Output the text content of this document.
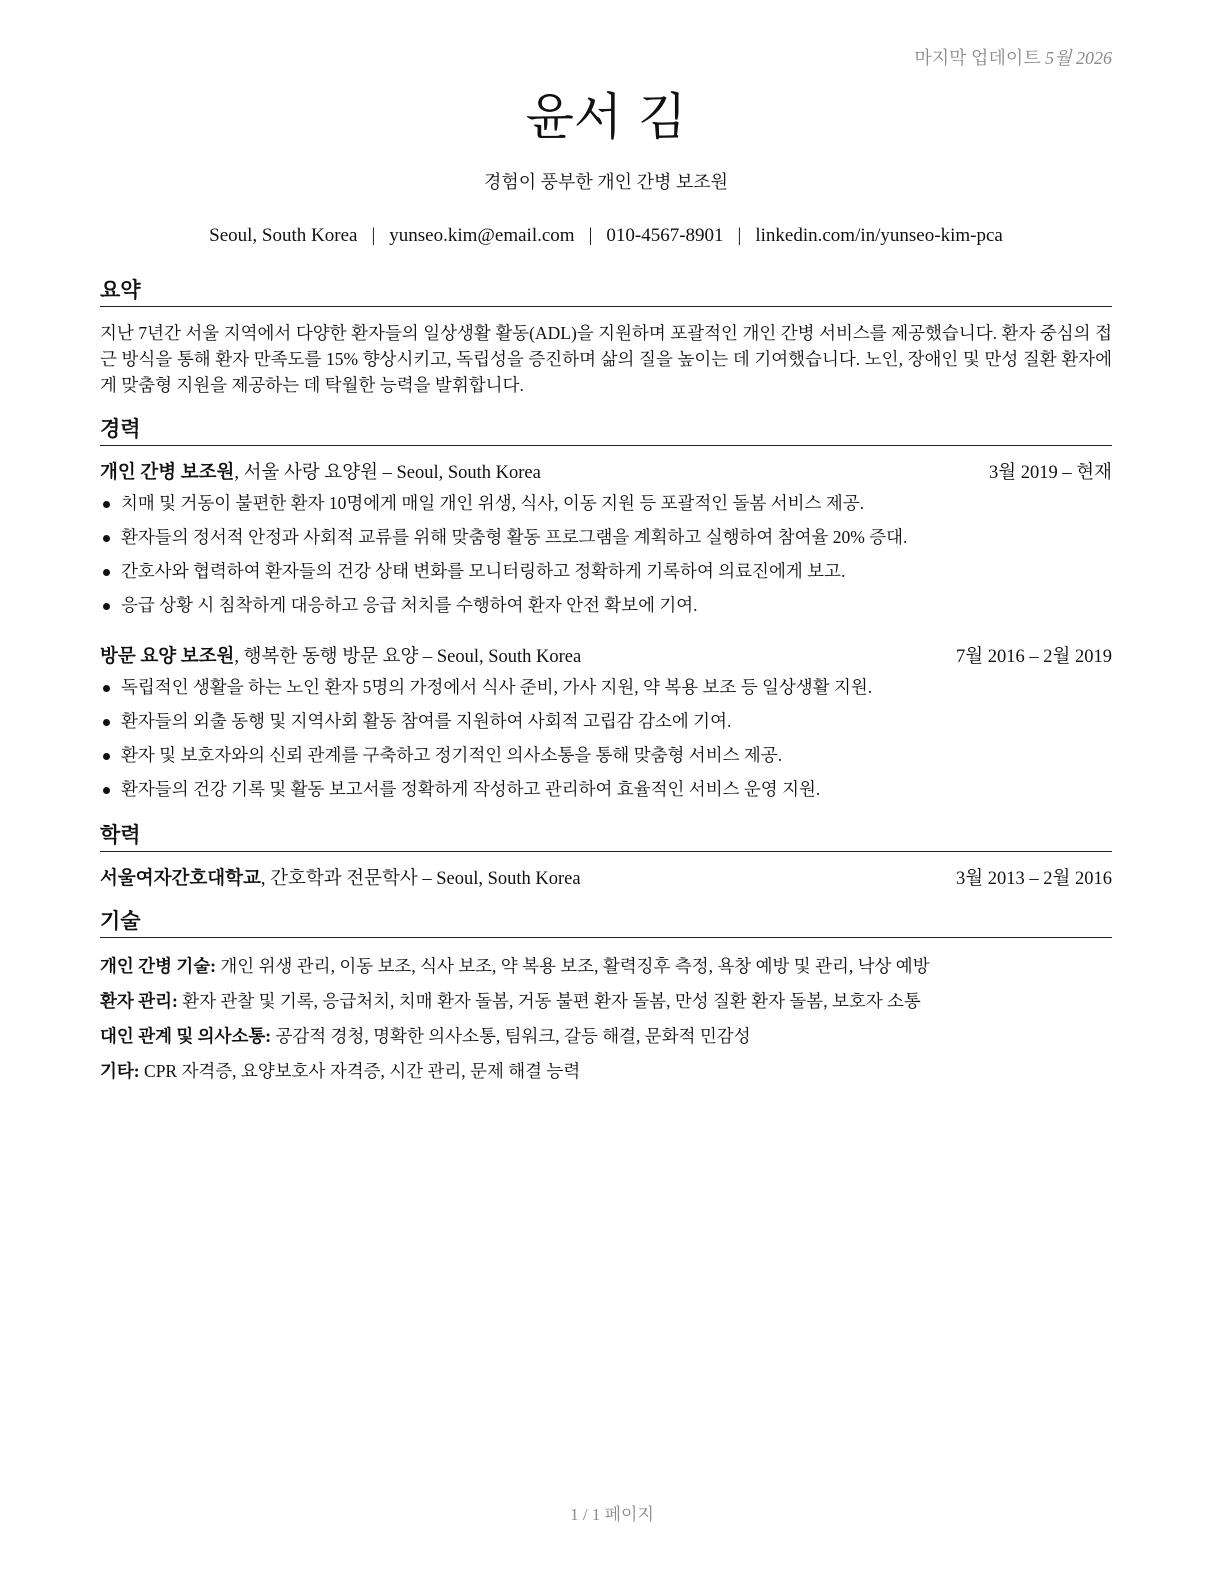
마지막 업데이트 5월 2026
윤서 김
경험이 풍부한 개인 간병 보조원
Seoul, South Korea | yunseo.kim@email.com | 010-4567-8901 | linkedin.com/in/yunseo-kim-pca
요약
지난 7년간 서울 지역에서 다양한 환자들의 일상생활 활동(ADL)을 지원하며 포괄적인 개인 간병 서비스를 제공했습니다. 환자 중심의 접근 방식을 통해 환자 만족도를 15% 향상시키고, 독립성을 증진하며 삶의 질을 높이는 데 기여했습니다. 노인, 장애인 및 만성 질환 환자에게 맞춤형 지원을 제공하는 데 탁월한 능력을 발휘합니다.
경력
개인 간병 보조원, 서울 사랑 요양원 – Seoul, South Korea	3월 2019 – 현재
치매 및 거동이 불편한 환자 10명에게 매일 개인 위생, 식사, 이동 지원 등 포괄적인 돌봄 서비스 제공.
환자들의 정서적 안정과 사회적 교류를 위해 맞춤형 활동 프로그램을 계획하고 실행하여 참여율 20% 증대.
간호사와 협력하여 환자들의 건강 상태 변화를 모니터링하고 정확하게 기록하여 의료진에게 보고.
응급 상황 시 침착하게 대응하고 응급 처치를 수행하여 환자 안전 확보에 기여.
방문 요양 보조원, 행복한 동행 방문 요양 – Seoul, South Korea	7월 2016 – 2월 2019
독립적인 생활을 하는 노인 환자 5명의 가정에서 식사 준비, 가사 지원, 약 복용 보조 등 일상생활 지원.
환자들의 외출 동행 및 지역사회 활동 참여를 지원하여 사회적 고립감 감소에 기여.
환자 및 보호자와의 신뢰 관계를 구축하고 정기적인 의사소통을 통해 맞춤형 서비스 제공.
환자들의 건강 기록 및 활동 보고서를 정확하게 작성하고 관리하여 효율적인 서비스 운영 지원.
학력
서울여자간호대학교, 간호학과 전문학사 – Seoul, South Korea	3월 2013 – 2월 2016
기술
개인 간병 기술: 개인 위생 관리, 이동 보조, 식사 보조, 약 복용 보조, 활력징후 측정, 욕창 예방 및 관리, 낙상 예방
환자 관리: 환자 관찰 및 기록, 응급처치, 치매 환자 돌봄, 거동 불편 환자 돌봄, 만성 질환 환자 돌봄, 보호자 소통
대인 관계 및 의사소통: 공감적 경청, 명확한 의사소통, 팀워크, 갈등 해결, 문화적 민감성
기타: CPR 자격증, 요양보호사 자격증, 시간 관리, 문제 해결 능력
1 / 1 페이지
